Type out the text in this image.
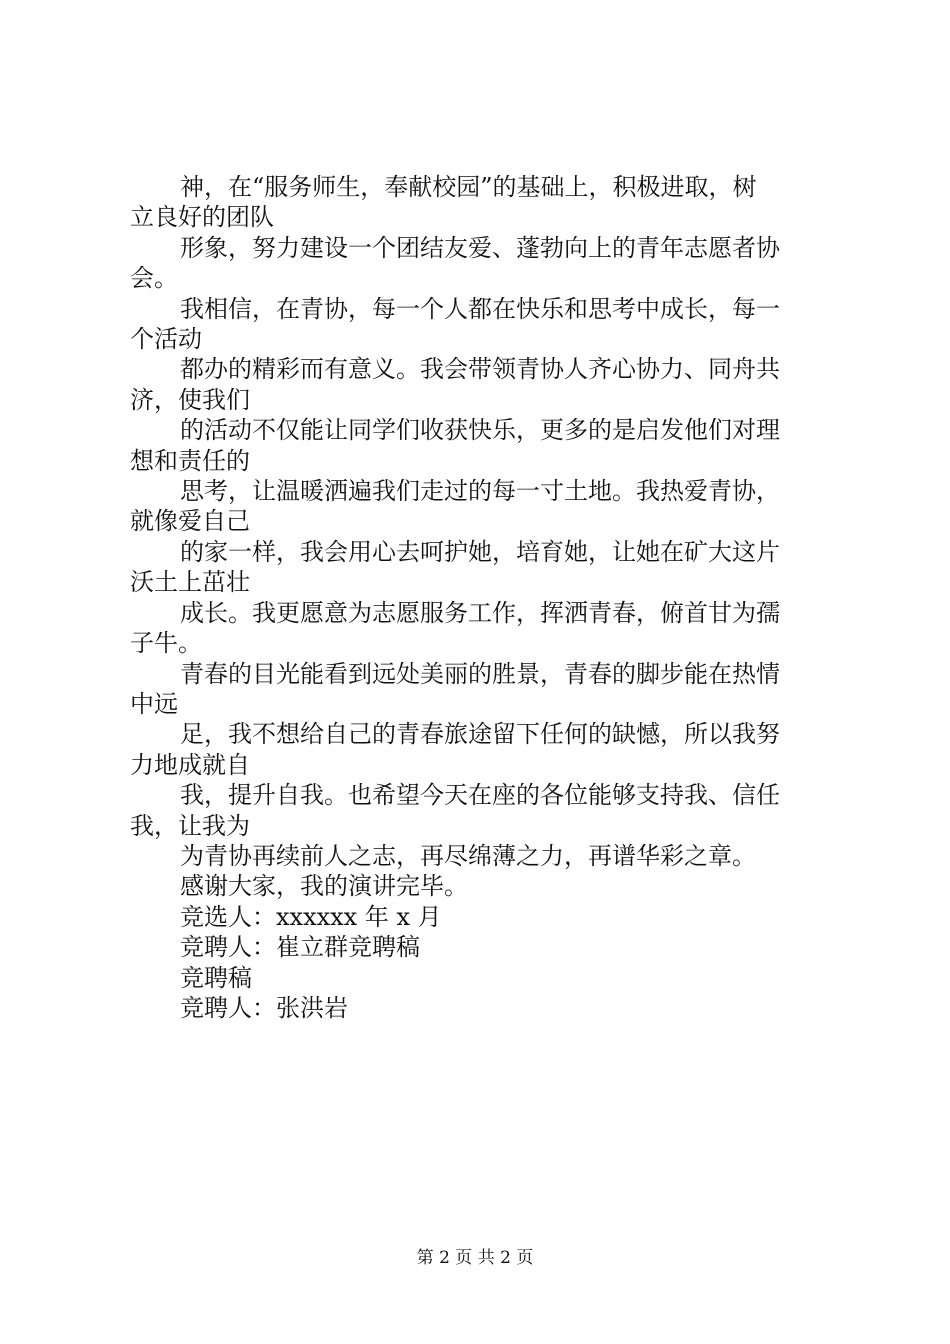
神，在“服务师生，奉献校园”的基础上，积极进取，树

立良好的团队

形象，努力建设一个团结友爱、蓬勃向上的青年志愿者协

会。

我相信，在青协，每一个人都在快乐和思考中成长，每一

个活动

都办的精彩而有意义。我会带领青协人齐心协力、同舟共

济，使我们

的活动不仅能让同学们收获快乐，更多的是启发他们对理

想和责任的

思考，让温暖洒遍我们走过的每一寸土地。我热爱青协，

就像爱自己

的家一样，我会用心去呵护她，培育她，让她在矿大这片

沃土上茁壮

成长。我更愿意为志愿服务工作，挥洒青春，俯首甘为孺

子牛。

青春的目光能看到远处美丽的胜景，青春的脚步能在热情

中远

足，我不想给自己的青春旅途留下任何的缺憾，所以我努

力地成就自

我，提升自我。也希望今天在座的各位能够支持我、信任

我，让我为

为青协再续前人之志，再尽绵薄之力，再谱华彩之章。

感谢大家，我的演讲完毕。

竞选人：xxxxxx 年 x 月

竞聘人：崔立群竞聘稿

竞聘稿

竞聘人：张洪岩

第 2 页 共 2 页
